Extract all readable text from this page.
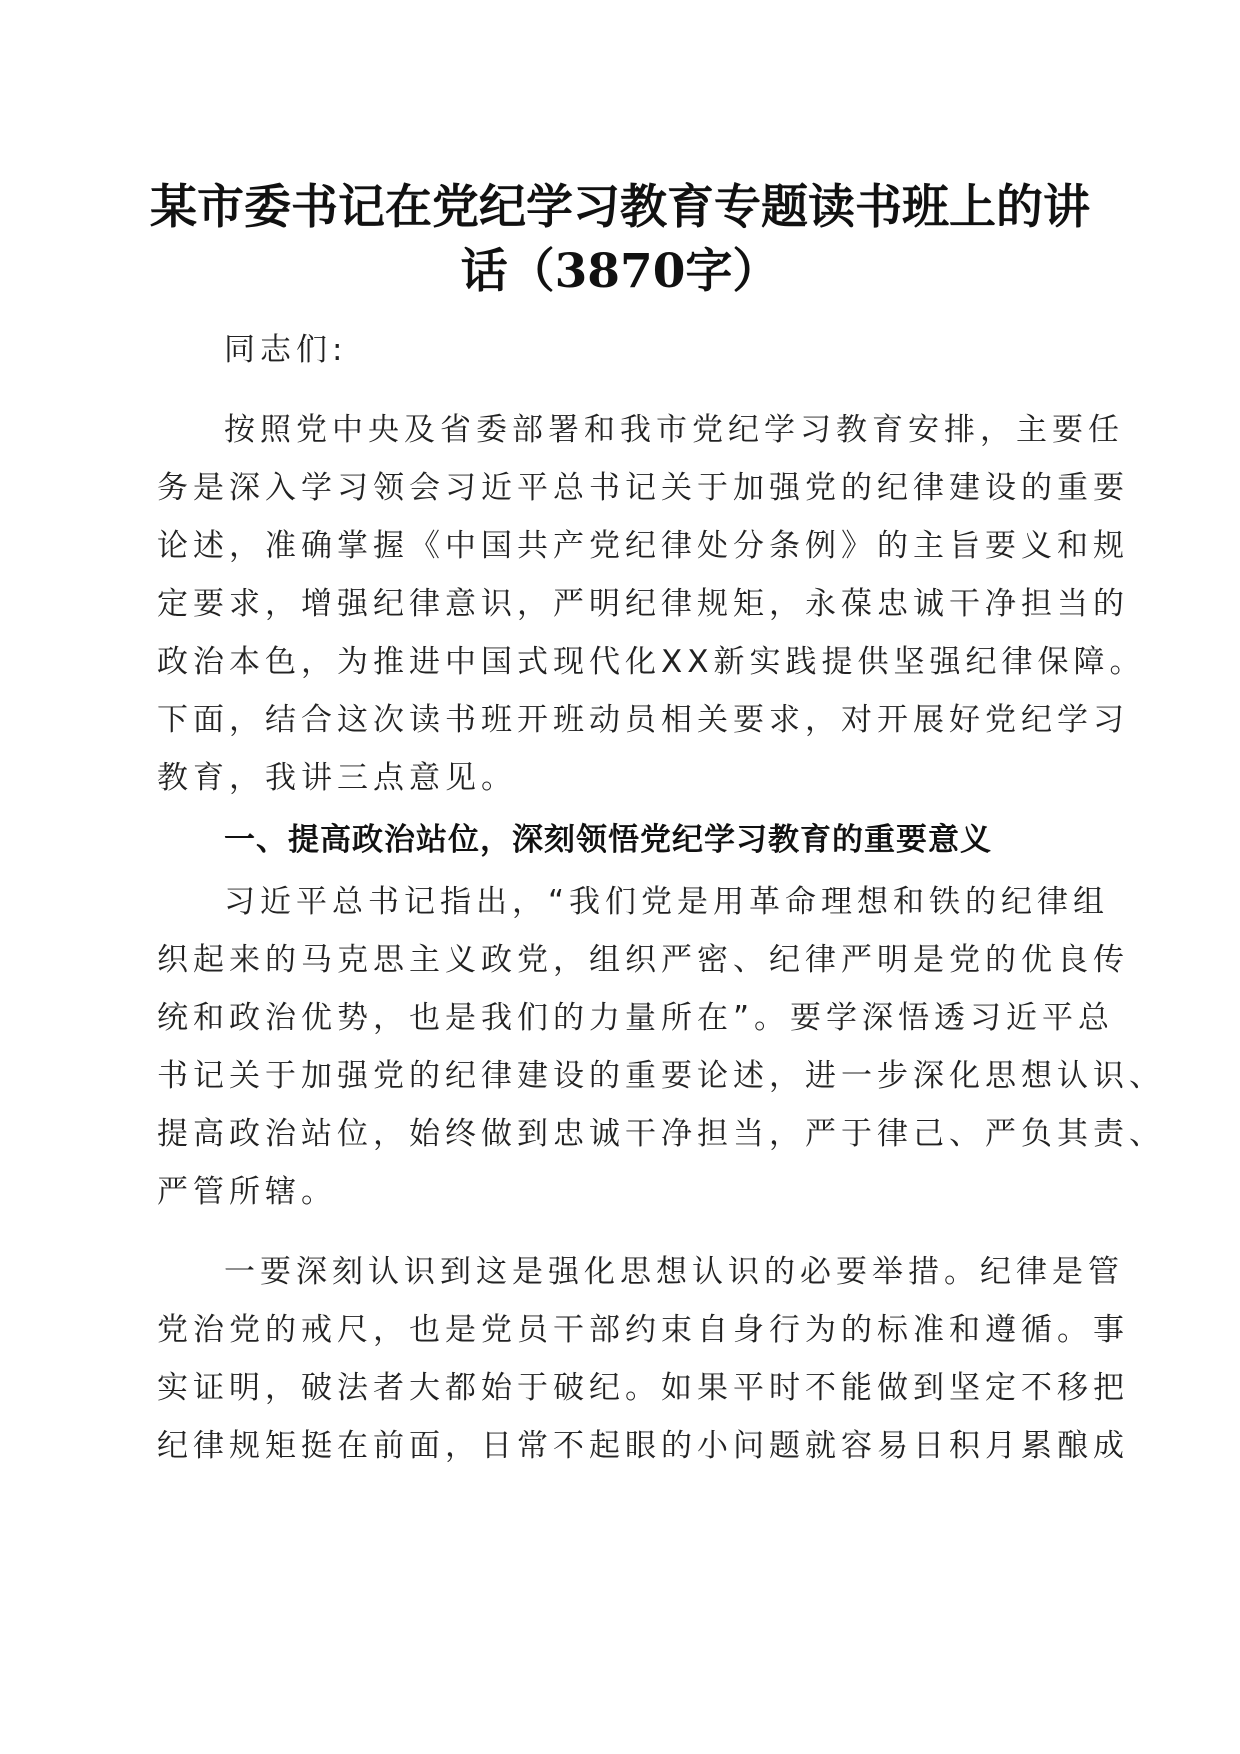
某市委书记在党纪学习教育专题读书班上的讲
话（3870字）

同志们:

按照党中央及省委部署和我市党纪学习教育安排，主要任

务是深入学习领会习近平总书记关于加强党的纪律建设的重要

论述，准确掌握《中国共产党纪律处分条例》的主旨要义和规

定要求，增强纪律意识，严明纪律规矩，永葆忠诚干净担当的

政治本色，为推进中国式现代化XX新实践提供坚强纪律保障。

下面，结合这次读书班开班动员相关要求，对开展好党纪学习

教育，我讲三点意见。

一、提高政治站位，深刻领悟党纪学习教育的重要意义

习近平总书记指出，“我们党是用革命理想和铁的纪律组

织起来的马克思主义政党，组织严密、纪律严明是党的优良传

统和政治优势，也是我们的力量所在”。要学深悟透习近平总

书记关于加强党的纪律建设的重要论述，进一步深化思想认识、

提高政治站位，始终做到忠诚干净担当，严于律己、严负其责、

严管所辖。

一要深刻认识到这是强化思想认识的必要举措。纪律是管

党治党的戒尺，也是党员干部约束自身行为的标准和遵循。事

实证明，破法者大都始于破纪。如果平时不能做到坚定不移把

纪律规矩挺在前面，日常不起眼的小问题就容易日积月累酿成
